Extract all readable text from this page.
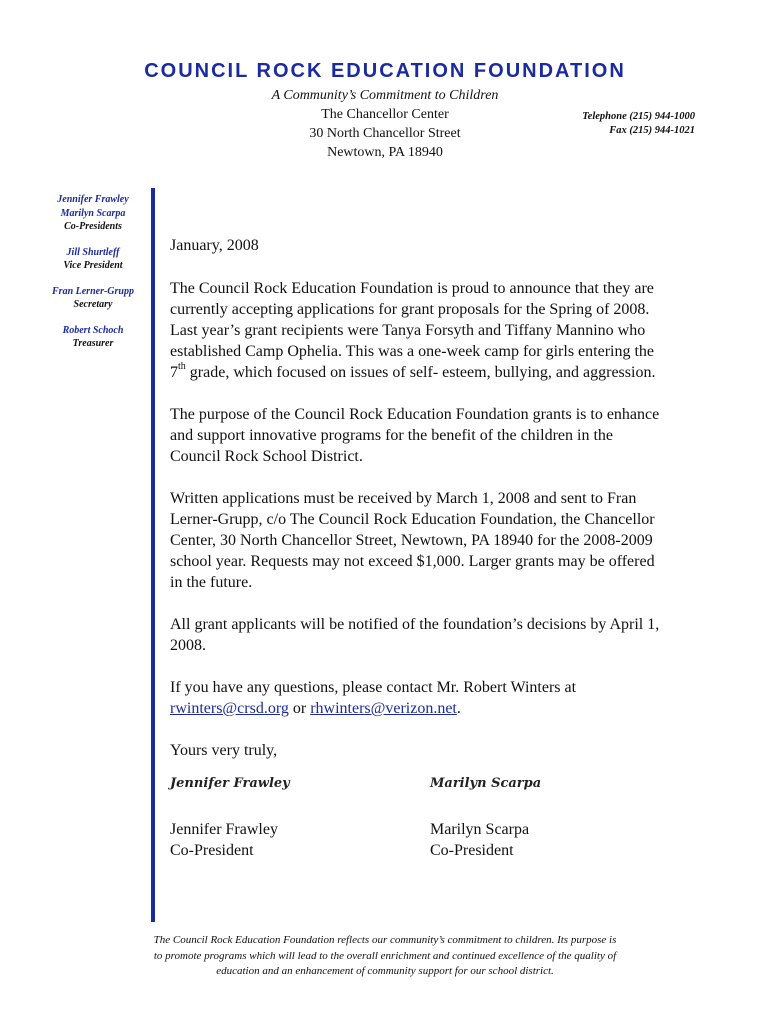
COUNCIL ROCK EDUCATION FOUNDATION
A Community’s Commitment to Children
The Chancellor Center
30 North Chancellor Street
Newtown, PA 18940
Telephone (215) 944-1000
Fax (215) 944-1021
Jennifer Frawley
Marilyn Scarpa
Co-Presidents
Jill Shurtleff
Vice President
Fran Lerner-Grupp
Secretary
Robert Schoch
Treasurer

January, 2008

The Council Rock Education Foundation is proud to announce that they are currently accepting applications for grant proposals for the Spring of 2008. Last year’s grant recipients were Tanya Forsyth and Tiffany Mannino who established Camp Ophelia. This was a one-week camp for girls entering the 7th grade, which focused on issues of self- esteem, bullying, and aggression.

The purpose of the Council Rock Education Foundation grants is to enhance and support innovative programs for the benefit of the children in the Council Rock School District.

Written applications must be received by March 1, 2008 and sent to Fran Lerner-Grupp, c/o The Council Rock Education Foundation, the Chancellor Center, 30 North Chancellor Street, Newtown, PA 18940 for the 2008-2009 school year. Requests may not exceed $1,000. Larger grants may be offered in the future.

All grant applicants will be notified of the foundation’s decisions by April 1, 2008.

If you have any questions, please contact Mr. Robert Winters at
rwinters@crsd.org or rhwinters@verizon.net.

Yours very truly,

Jennifer Frawley
Jennifer Frawley
Co-President
Marilyn Scarpa
Marilyn Scarpa
Co-President
The Council Rock Education Foundation reflects our community’s commitment to children. Its purpose is
to promote programs which will lead to the overall enrichment and continued excellence of the quality of
education and an enhancement of community support for our school district.
